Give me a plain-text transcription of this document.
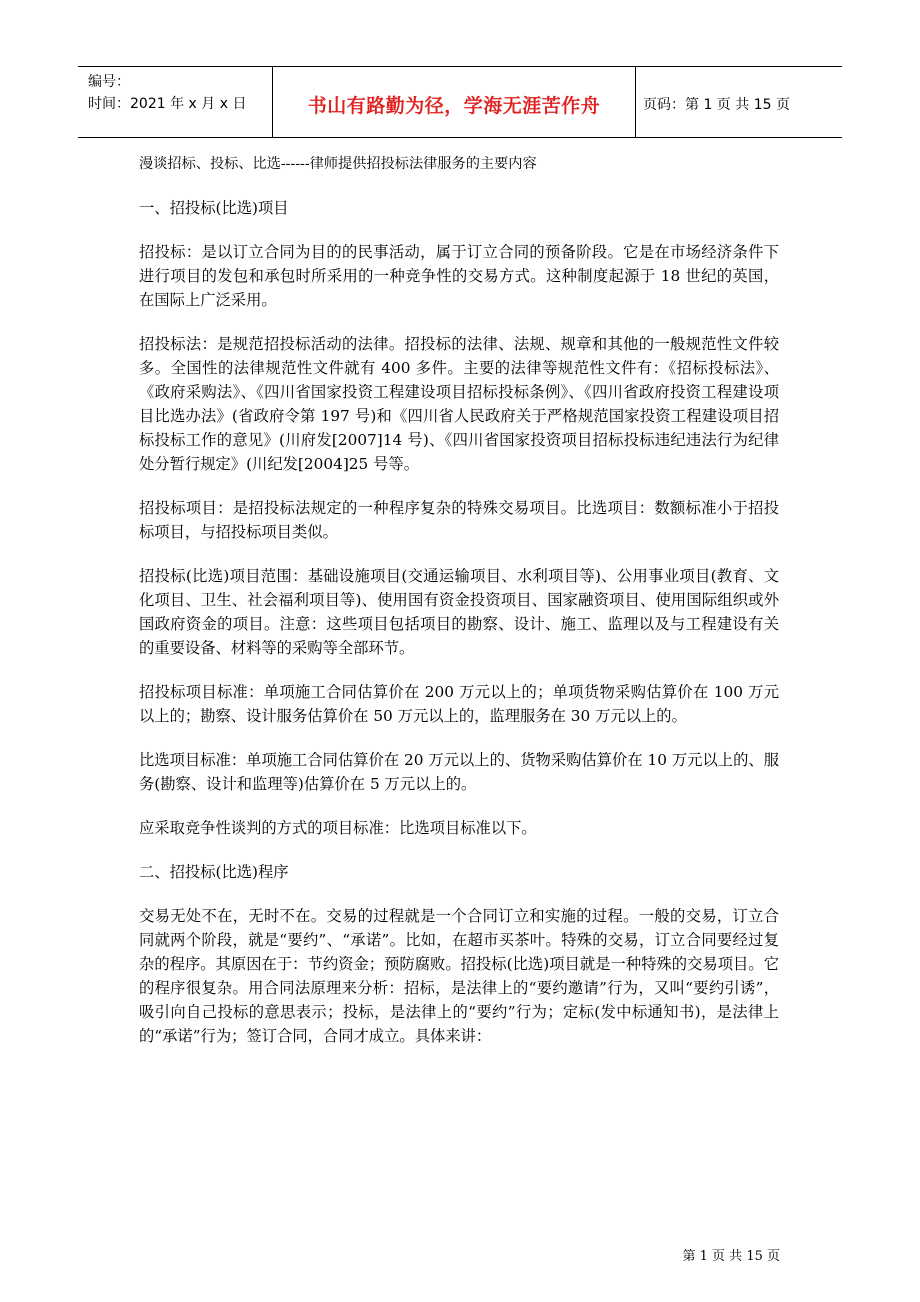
编号：
时间：2021 年 x 月 x 日	书山有路勤为径，学海无涯苦作舟	页码：第 1 页 共 15 页

漫谈招标、投标、比选------律师提供招投标法律服务的主要内容

一、招投标(比选)项目

招投标：是以订立合同为目的的民事活动，属于订立合同的预备阶段。它是在市场经济条件下进行项目的发包和承包时所采用的一种竞争性的交易方式。这种制度起源于 18 世纪的英国，在国际上广泛采用。

招投标法：是规范招投标活动的法律。招投标的法律、法规、规章和其他的一般规范性文件较多。全国性的法律规范性文件就有 400 多件。主要的法律等规范性文件有：《招标投标法》、《政府采购法》、《四川省国家投资工程建设项目招标投标条例》、《四川省政府投资工程建设项目比选办法》(省政府令第 197 号)和《四川省人民政府关于严格规范国家投资工程建设项目招标投标工作的意见》(川府发[2007]14 号)、《四川省国家投资项目招标投标违纪违法行为纪律处分暂行规定》(川纪发[2004]25 号等。

招投标项目：是招投标法规定的一种程序复杂的特殊交易项目。比选项目：数额标准小于招投标项目，与招投标项目类似。

招投标(比选)项目范围：基础设施项目(交通运输项目、水利项目等)、公用事业项目(教育、文化项目、卫生、社会福利项目等)、使用国有资金投资项目、国家融资项目、使用国际组织或外国政府资金的项目。注意：这些项目包括项目的勘察、设计、施工、监理以及与工程建设有关的重要设备、材料等的采购等全部环节。

招投标项目标准：单项施工合同估算价在 200 万元以上的；单项货物采购估算价在 100 万元以上的；勘察、设计服务估算价在 50 万元以上的，监理服务在 30 万元以上的。

比选项目标准：单项施工合同估算价在 20 万元以上的、货物采购估算价在 10 万元以上的、服务(勘察、设计和监理等)估算价在 5 万元以上的。

应采取竞争性谈判的方式的项目标准：比选项目标准以下。

二、招投标(比选)程序

交易无处不在，无时不在。交易的过程就是一个合同订立和实施的过程。一般的交易，订立合同就两个阶段，就是“要约”、“承诺”。比如，在超市买茶叶。特殊的交易，订立合同要经过复杂的程序。其原因在于：节约资金；预防腐败。招投标(比选)项目就是一种特殊的交易项目。它的程序很复杂。用合同法原理来分析：招标，是法律上的“要约邀请”行为，又叫“要约引诱”，吸引向自己投标的意思表示；投标，是法律上的“要约”行为；定标(发中标通知书)，是法律上的“承诺”行为；签订合同，合同才成立。具体来讲：

第 1 页 共 15 页
